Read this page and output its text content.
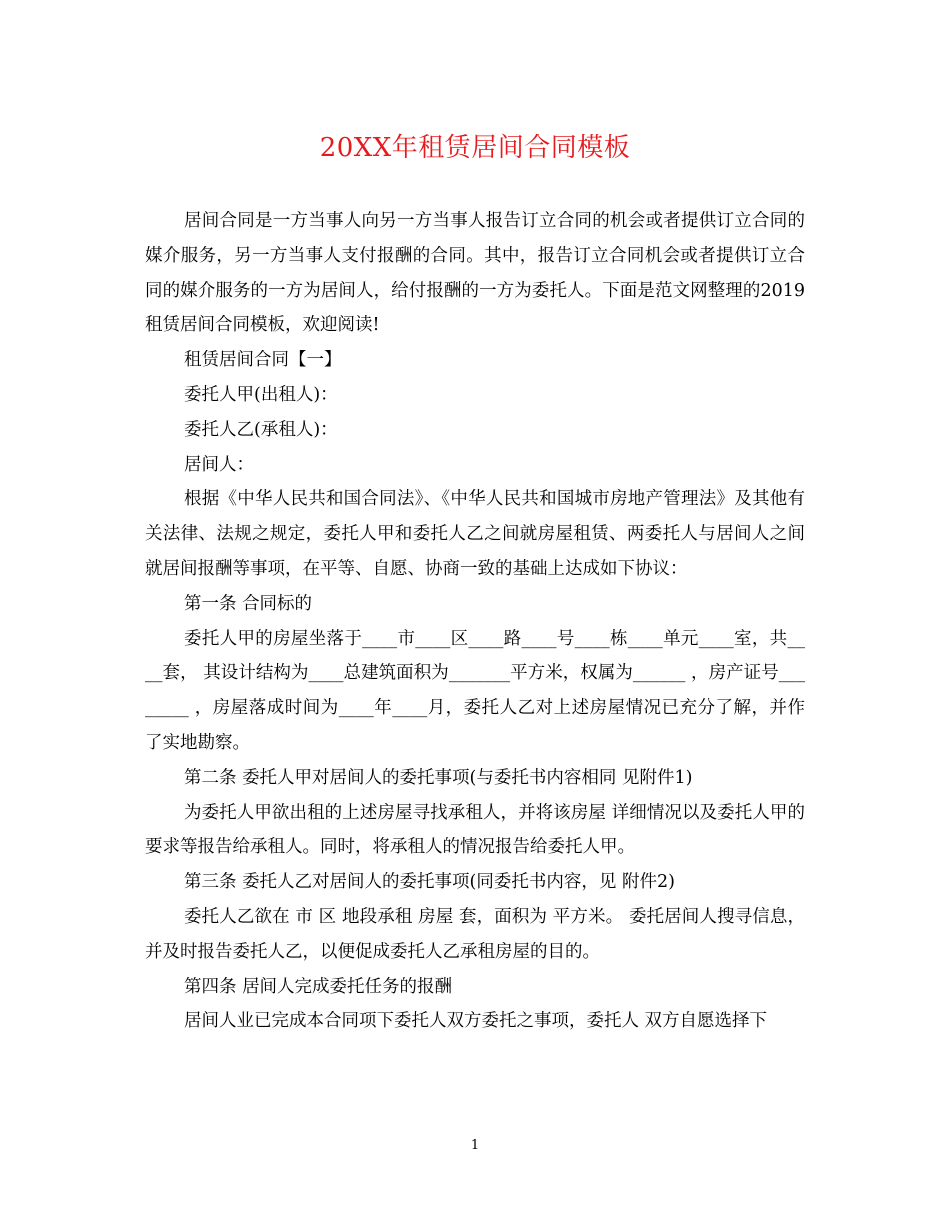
20XX年租赁居间合同模板

居间合同是一方当事人向另一方当事人报告订立合同的机会或者提供订立合同的媒介服务，另一方当事人支付报酬的合同。其中，报告订立合同机会或者提供订立合同的媒介服务的一方为居间人，给付报酬的一方为委托人。下面是范文网整理的2019租赁居间合同模板，欢迎阅读!

租赁居间合同【一】

委托人甲(出租人)：

委托人乙(承租人)：

居间人：

根据《中华人民共和国合同法》、《中华人民共和国城市房地产管理法》及其他有关法律、法规之规定，委托人甲和委托人乙之间就房屋租赁、两委托人与居间人之间就居间报酬等事项，在平等、自愿、协商一致的基础上达成如下协议：

第一条 合同标的

委托人甲的房屋坐落于____市____区____路____号____栋____单元____室，共____套， 其设计结构为____总建筑面积为_______平方米，权属为______ ，房产证号________ ，房屋落成时间为____年____月，委托人乙对上述房屋情况已充分了解，并作了实地勘察。

第二条 委托人甲对居间人的委托事项(与委托书内容相同 见附件1)

为委托人甲欲出租的上述房屋寻找承租人，并将该房屋 详细情况以及委托人甲的要求等报告给承租人。同时，将承租人的情况报告给委托人甲。

第三条 委托人乙对居间人的委托事项(同委托书内容，见 附件2)

委托人乙欲在 市 区 地段承租 房屋 套，面积为 平方米。 委托居间人搜寻信息，并及时报告委托人乙，以便促成委托人乙承租房屋的目的。

第四条 居间人完成委托任务的报酬

居间人业已完成本合同项下委托人双方委托之事项，委托人 双方自愿选择下

1
